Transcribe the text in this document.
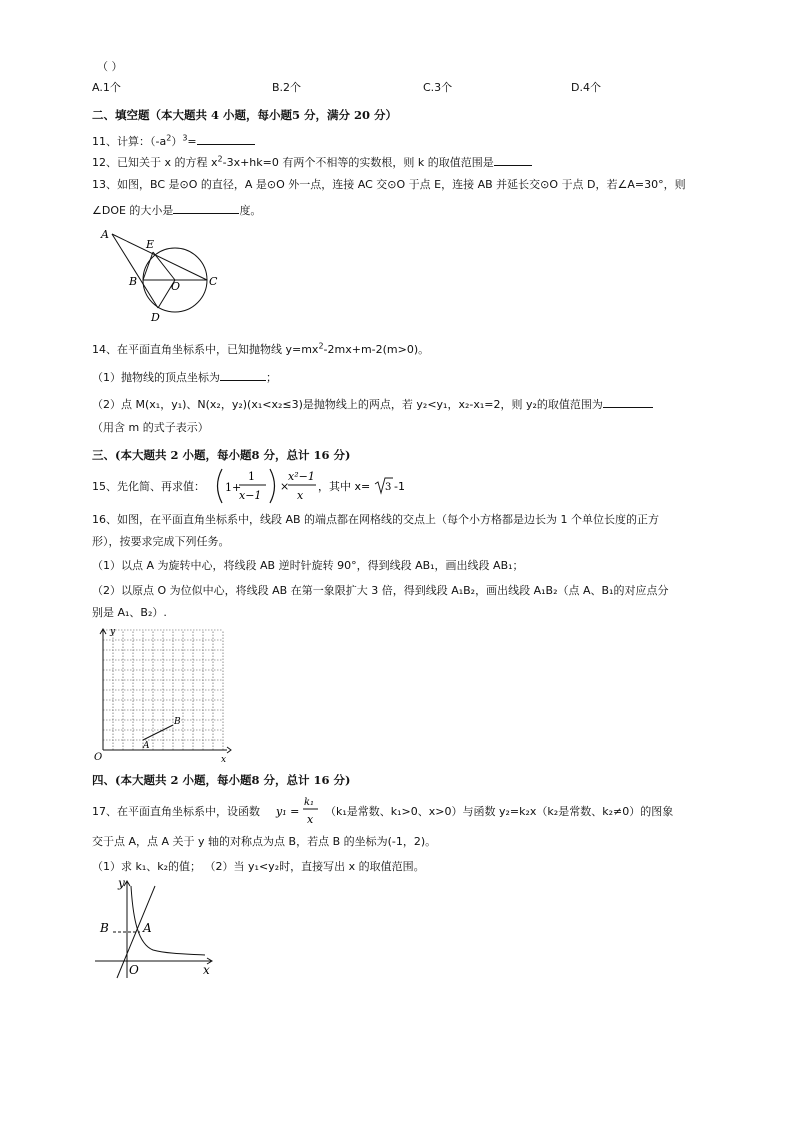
（ ）
A.1个	B.2个	C.3个	D.4个
二、填空题（本大题共 4 小题，每小题5 分，满分 20 分）
11、计算：$(-a^2)^3=$
12、已知关于 x 的方程 $x^2-3x+hk=0$ 有两个不相等的实数根，则 k 的取值范围是
13、如图，BC 是⊙O 的直径，A 是⊙O 外一点，连接 AC 交⊙O 于点 E，连接 AB 并延长交⊙O 于点 D，若∠A=30°，则
∠DOE 的大小是	度。
A
E
B	O	C
D
14、在平面直角坐标系中，已知抛物线 $y=mx^2-2mx+m-2(m>0)$。
（1）抛物线的顶点坐标为	；
（2）点 M(x₁，y₁)、N(x₂，y₂)(x₁<x₂≤3)是抛物线上的两点，若 y₂<y₁，x₂-x₁=2，则 y₂的取值范围为
（用含 m 的式子表示）
三、(本大题共 2 小题，每小题8 分，总计 16 分)
15、先化简、再求值： 1+
1
x−1
×
x²−1
x
，其中 x= 3 -1
16、如图，在平面直角坐标系中，线段 AB 的端点都在网格线的交点上（每个小方格都是边长为 1 个单位长度的正方
形），按要求完成下列任务。
（1）以点 A 为旋转中心，将线段 AB 逆时针旋转 90°，得到线段 AB₁，画出线段 AB₁；
（2）以原点 O 为位似中心，将线段 AB 在第一象限扩大 3 倍，得到线段 A₁B₂，画出线段 A₁B₂（点 A、B₁的对应点分
别是 A₁、B₂）.
y
x
O
A
B
四、(本大题共 2 小题，每小题8 分，总计 16 分)
17、在平面直角坐标系中，设函数 y₁ =
k₁
x
（k₁是常数、k₁>0、x>0）与函数 y₂=k₂x（k₂是常数、k₂≠0）的图象
交于点 A，点 A 关于 y 轴的对称点为点 B，若点 B 的坐标为(-1，2)。
（1）求 k₁、k₂的值； （2）当 y₁<y₂时，直接写出 x 的取值范围。
y
x
O
A
B
